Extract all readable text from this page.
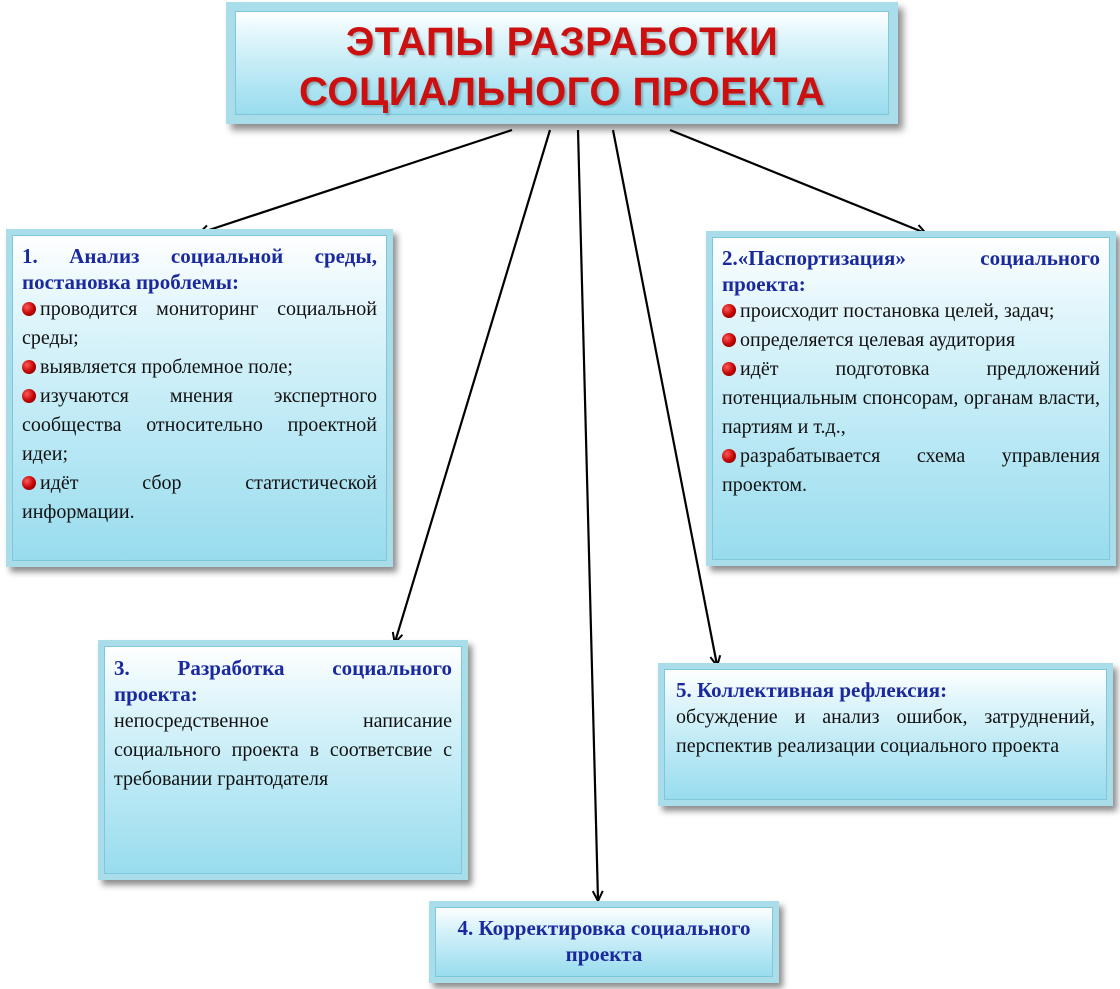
ЭТАПЫ РАЗРАБОТКИ
СОЦИАЛЬНОГО ПРОЕКТА
1. Анализ социальной среды, постановка проблемы:
проводится мониторинг социальной среды;
выявляется проблемное поле;
изучаются мнения экспертного сообщества относительно проектной идеи;
идёт сбор статистической информации.
2.«Паспортизация» социального проекта:
происходит постановка целей, задач;
определяется целевая аудитория
идёт подготовка предложений потенциальным спонсорам, органам власти, партиям и т.д.,
разрабатывается схема управления проектом.
3. Разработка социального проекта:
непосредственное написание социального проекта в соответсвие с требовании грантодателя
5. Коллективная рефлексия:
обсуждение и анализ ошибок, затруднений, перспектив реализации социального проекта
4. Корректировка социального проекта
